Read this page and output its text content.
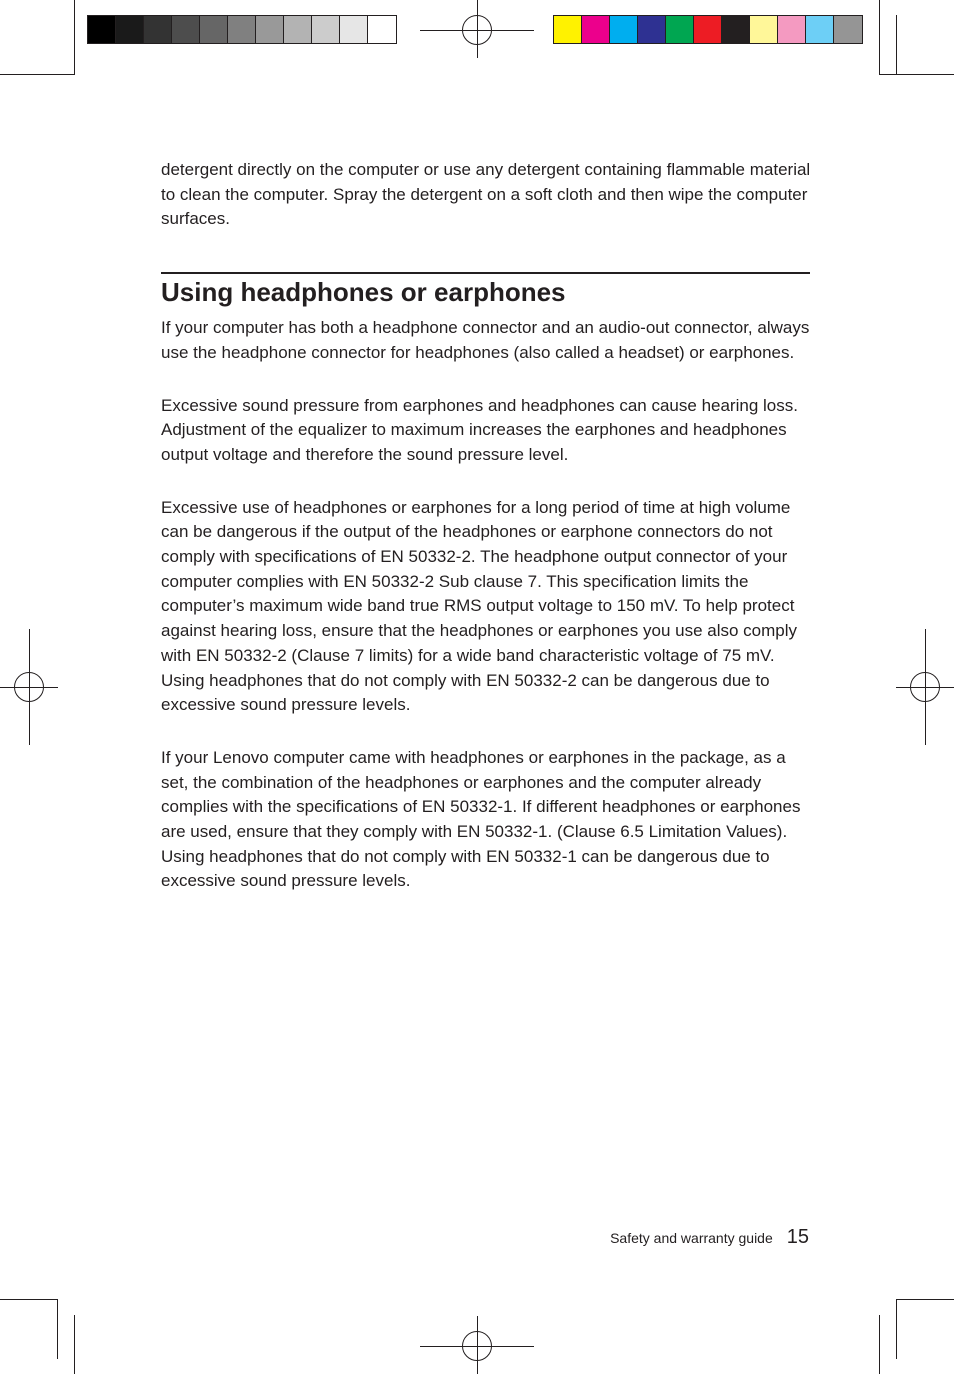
detergent directly on the computer or use any detergent containing flammable material to clean the computer. Spray the detergent on a soft cloth and then wipe the computer surfaces.

Using headphones or earphones

If your computer has both a headphone connector and an audio-out connector, always use the headphone connector for headphones (also called a headset) or earphones.

Excessive sound pressure from earphones and headphones can cause hearing loss. Adjustment of the equalizer to maximum increases the earphones and headphones output voltage and therefore the sound pressure level.

Excessive use of headphones or earphones for a long period of time at high volume can be dangerous if the output of the headphones or earphone connectors do not comply with specifications of EN 50332-2. The headphone output connector of your computer complies with EN 50332-2 Sub clause 7. This specification limits the computer’s maximum wide band true RMS output voltage to 150 mV. To help protect against hearing loss, ensure that the headphones or earphones you use also comply with EN 50332-2 (Clause 7 limits) for a wide band characteristic voltage of 75 mV. Using headphones that do not comply with EN 50332-2 can be dangerous due to excessive sound pressure levels.

If your Lenovo computer came with headphones or earphones in the package, as a set, the combination of the headphones or earphones and the computer already complies with the specifications of EN 50332-1. If different headphones or earphones are used, ensure that they comply with EN 50332-1. (Clause 6.5 Limitation Values). Using headphones that do not comply with EN 50332-1 can be dangerous due to excessive sound pressure levels.

Safety and warranty guide 15
